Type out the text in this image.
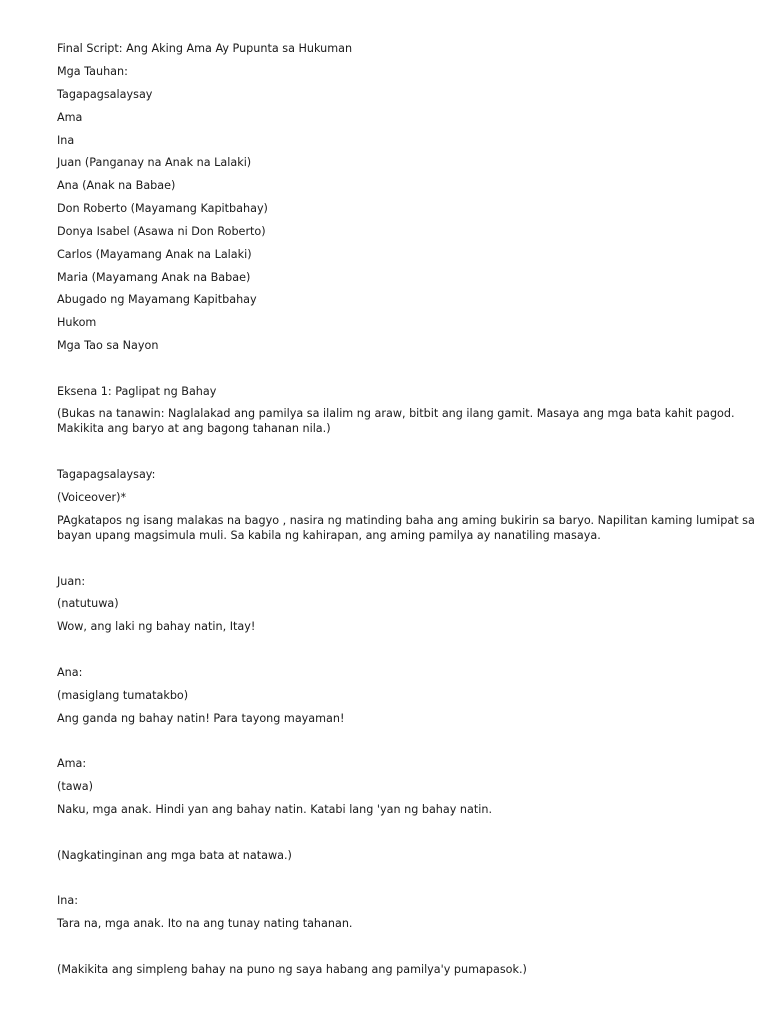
Final Script: Ang Aking Ama Ay Pupunta sa Hukuman
Mga Tauhan:
Tagapagsalaysay
Ama
Ina
Juan (Panganay na Anak na Lalaki)
Ana (Anak na Babae)
Don Roberto (Mayamang Kapitbahay)
Donya Isabel (Asawa ni Don Roberto)
Carlos (Mayamang Anak na Lalaki)
Maria (Mayamang Anak na Babae)
Abugado ng Mayamang Kapitbahay
Hukom
Mga Tao sa Nayon
Eksena 1: Paglipat ng Bahay
(Bukas na tanawin: Naglalakad ang pamilya sa ilalim ng araw, bitbit ang ilang gamit. Masaya ang mga bata kahit pagod.
Makikita ang baryo at ang bagong tahanan nila.)
Tagapagsalaysay:
(Voiceover)*
PAgkatapos ng isang malakas na bagyo , nasira ng matinding baha ang aming bukirin sa baryo. Napilitan kaming lumipat sa
bayan upang magsimula muli. Sa kabila ng kahirapan, ang aming pamilya ay nanatiling masaya.
Juan:
(natutuwa)
Wow, ang laki ng bahay natin, Itay!
Ana:
(masiglang tumatakbo)
Ang ganda ng bahay natin! Para tayong mayaman!
Ama:
(tawa)
Naku, mga anak. Hindi yan ang bahay natin. Katabi lang 'yan ng bahay natin.
(Nagkatinginan ang mga bata at natawa.)
Ina:
Tara na, mga anak. Ito na ang tunay nating tahanan.
(Makikita ang simpleng bahay na puno ng saya habang ang pamilya'y pumapasok.)
